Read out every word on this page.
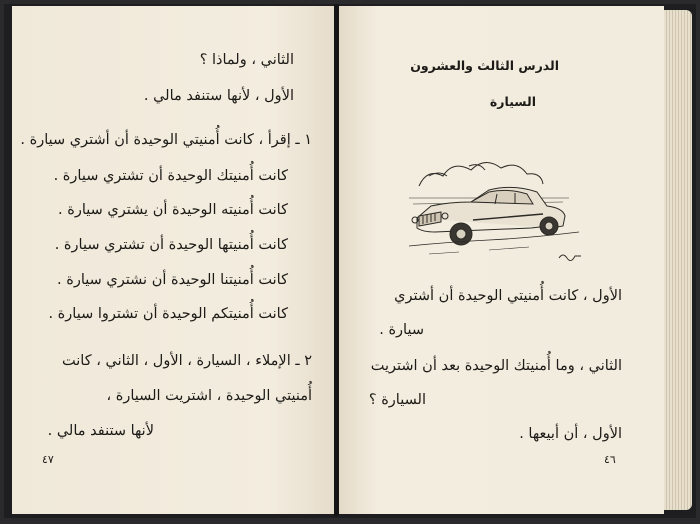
الثاني ، ولماذا ؟
الأول ، لأنها ستنفد مالي .
١ ـ إقرأ ، كانت أُمنيتي الوحيدة أن أشتري سيارة .
كانت أُمنيتك الوحيدة أن تشتري سيارة .
كانت أُمنيته الوحيدة أن يشتري سيارة .
كانت أُمنيتها الوحيدة أن تشتري سيارة .
كانت أُمنيتنا الوحيدة أن نشتري سيارة .
كانت أُمنيتكم الوحيدة أن تشتروا سيارة .
٢ ـ الإملاء ، السيارة ، الأول ، الثاني ، كانت
أُمنيتي الوحيدة ، اشتريت السيارة ،
لأنها ستنفد مالي .
٤٧
الدرس الثالث والعشرون
السيارة
الأول ، كانت أُمنيتي الوحيدة أن أشتري
سيارة .
الثاني ، وما أُمنيتك الوحيدة بعد أن اشتريت
السيارة ؟
الأول ، أن أبيعها .
٤٦
